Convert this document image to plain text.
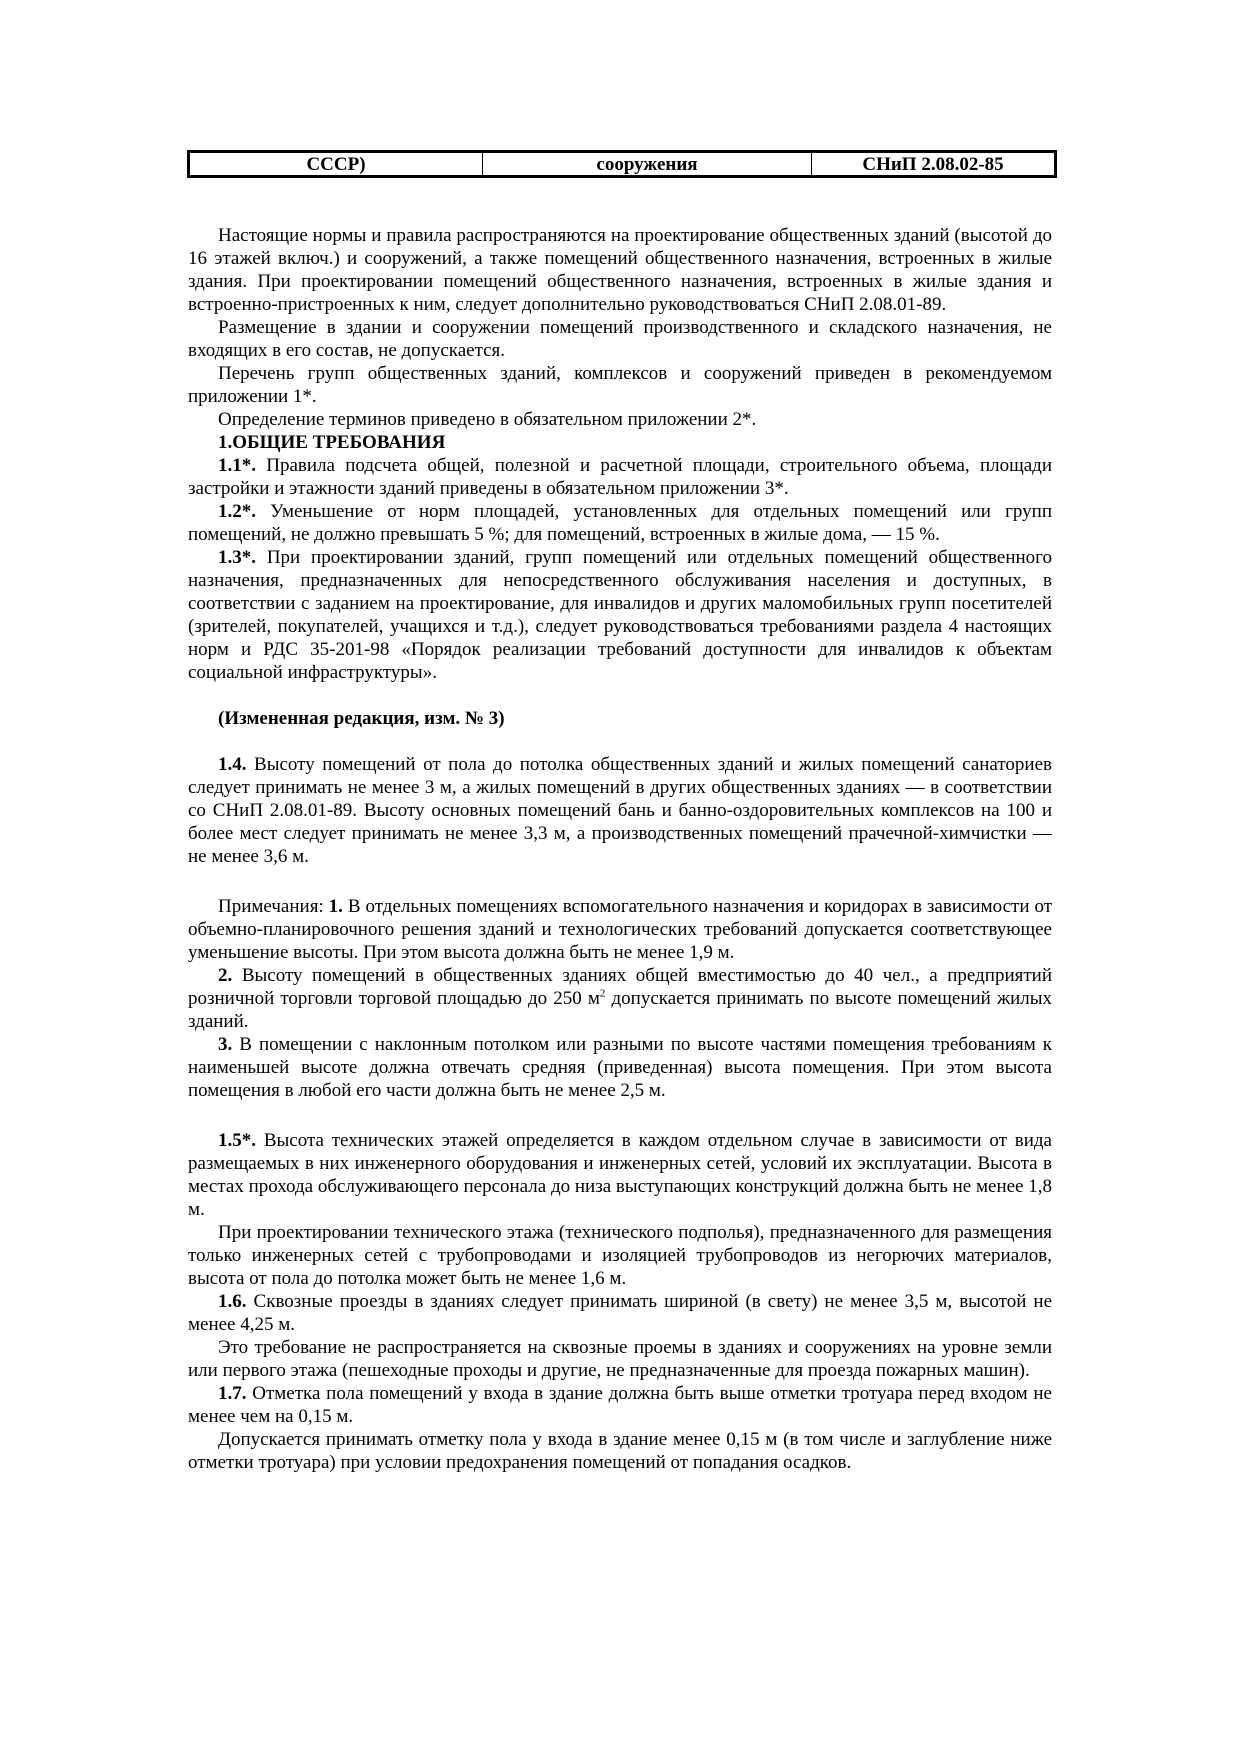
СССР)	сооружения	СНиП 2.08.02-85

Настоящие нормы и правила распространяются на проектирование общественных зданий (высотой до 16 этажей включ.) и сооружений, а также помещений общественного назначения, встроенных в жилые здания. При проектировании помещений общественного назначения, встроенных в жилые здания и встроенно-пристроенных к ним, следует дополнительно руководствоваться СНиП 2.08.01-89.

Размещение в здании и сооружении помещений производственного и складского назначения, не входящих в его состав, не допускается.

Перечень групп общественных зданий, комплексов и сооружений приведен в рекомендуемом приложении 1*.

Определение терминов приведено в обязательном приложении 2*.

1.ОБЩИЕ ТРЕБОВАНИЯ

1.1*. Правила подсчета общей, полезной и расчетной площади, строительного объема, площади застройки и этажности зданий приведены в обязательном приложении 3*.

1.2*. Уменьшение от норм площадей, установленных для отдельных помещений или групп помещений, не должно превышать 5 %; для помещений, встроенных в жилые дома, — 15 %.

1.3*. При проектировании зданий, групп помещений или отдельных помещений общественного назначения, предназначенных для непосредственного обслуживания населения и доступных, в соответствии с заданием на проектирование, для инвалидов и других маломобильных групп посетителей (зрителей, покупателей, учащихся и т.д.), следует руководствоваться требованиями раздела 4 настоящих норм и РДС 35-201-98 «Порядок реализации требований доступности для инвалидов к объектам социальной инфраструктуры».

(Измененная редакция, изм. № 3)

1.4. Высоту помещений от пола до потолка общественных зданий и жилых помещений санаториев следует принимать не менее 3 м, а жилых помещений в других общественных зданиях — в соответствии со СНиП 2.08.01-89. Высоту основных помещений бань и банно-оздоровительных комплексов на 100 и более мест следует принимать не менее 3,3 м, а производственных помещений прачечной-химчистки — не менее 3,6 м.

Примечания: 1. В отдельных помещениях вспомогательного назначения и коридорах в зависимости от объемно-планировочного решения зданий и технологических требований допускается соответствующее уменьшение высоты. При этом высота должна быть не менее 1,9 м.

2. Высоту помещений в общественных зданиях общей вместимостью до 40 чел., а предприятий розничной торговли торговой площадью до 250 $м^2$ допускается принимать по высоте помещений жилых зданий.

3. В помещении с наклонным потолком или разными по высоте частями помещения требованиям к наименьшей высоте должна отвечать средняя (приведенная) высота помещения. При этом высота помещения в любой его части должна быть не менее 2,5 м.

1.5*. Высота технических этажей определяется в каждом отдельном случае в зависимости от вида размещаемых в них инженерного оборудования и инженерных сетей, условий их эксплуатации. Высота в местах прохода обслуживающего персонала до низа выступающих конструкций должна быть не менее 1,8 м.

При проектировании технического этажа (технического подполья), предназначенного для размещения только инженерных сетей с трубопроводами и изоляцией трубопроводов из негорючих материалов, высота от пола до потолка может быть не менее 1,6 м.

1.6. Сквозные проезды в зданиях следует принимать шириной (в свету) не менее 3,5 м, высотой не менее 4,25 м.

Это требование не распространяется на сквозные проемы в зданиях и сооружениях на уровне земли или первого этажа (пешеходные проходы и другие, не предназначенные для проезда пожарных машин).

1.7. Отметка пола помещений у входа в здание должна быть выше отметки тротуара перед входом не менее чем на 0,15 м.

Допускается принимать отметку пола у входа в здание менее 0,15 м (в том числе и заглубление ниже отметки тротуара) при условии предохранения помещений от попадания осадков.
